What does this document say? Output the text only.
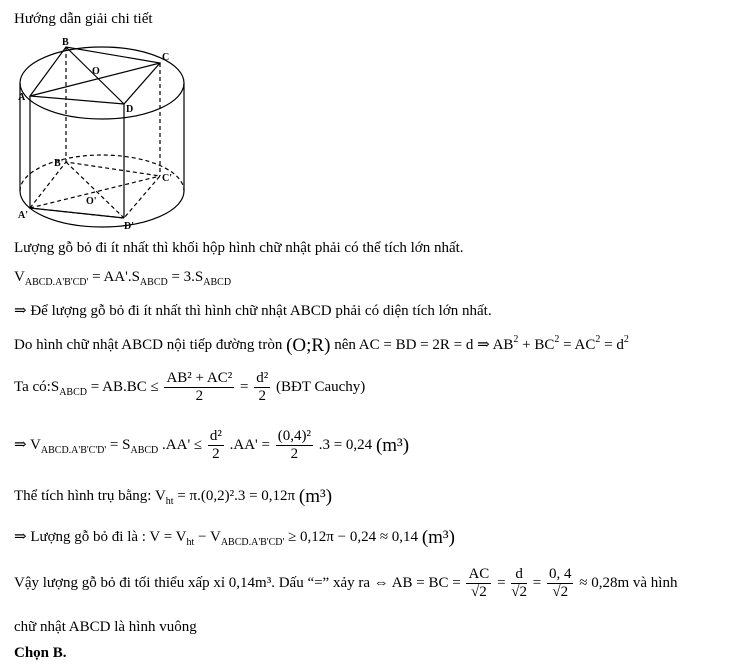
Hướng dẫn giải chi tiết
B
C
O
A
D
B'
C'
O'
A'
D'
Lượng gỗ bỏ đi ít nhất thì khối hộp hình chữ nhật phải có thể tích lớn nhất.
$V_{ABCD.A'B'CD'} = AA'.S_{ABCD} = 3.S_{ABCD}$
⇒ Để lượng gỗ bỏ đi ít nhất thì hình chữ nhật ABCD phải có diện tích lớn nhất.
Do hình chữ nhật ABCD nội tiếp đường tròn (O;R) nên AC = BD = 2R = d ⇒ $AB^2 + BC^2 = AC^2 = d^2$
Ta $có:S_{ABCD} = AB.BC \le \frac{\text{AB² + AC²}}{2} = \frac{\text{d²}}{2}$ (BĐT Cauchy)
⇒ $V_{ABCD.A'B'C'D'} = S_{ABCD}$ $.AA' \le \frac{\text{d²}}{2} .AA' = \frac{\text{(0,4)²}}{2} .3 = 0,24$ (m³)
Thể tích hình trụ bằng: $V_{ht} = \pi.(0,2)^2.3 = 0,12\pi$ (m³)
⇒ Lượng gỗ bỏ đi là : $V = V_{ht} - V_{ABCD.A'B'CD'} \ge 0,12\pi - 0,24 \approx 0,14$ (m³)
Vậy lượng gỗ bỏ đi tối thiểu xấp xỉ 0,14m³. Dấu “=” xảy ra ⇔ AB = BC = $\frac{AC}{√2} = \frac{d}{√2} = \frac{0, 4}{√2} \approx 0,28m$ và hình
chữ nhật ABCD là hình vuông
Chọn B.
